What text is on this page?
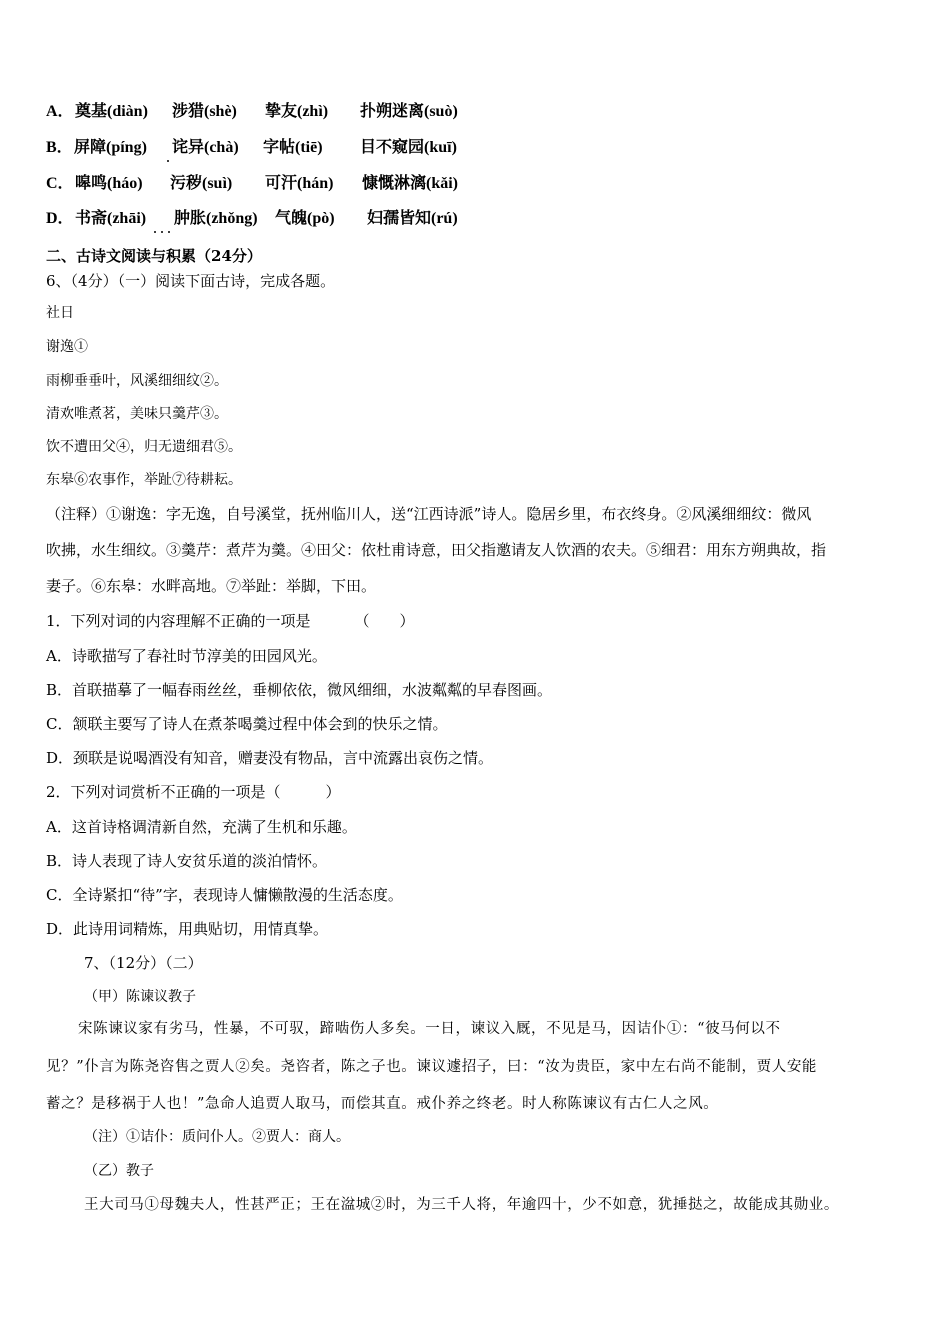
A． 奠基(diàn) 涉猎(shè) 挚友(zhì) 扑朔迷离(suò)
B． 屏障(píng) 诧异(chà) 字帖(tiē) 目不窥园(kuī)
C． 嗥鸣(háo) 污秽(suì) 可汗(hán) 慷慨淋漓(kǎi)
D． 书斋(zhāi) 肿胀(zhǒng) 气魄(pò) 妇孺皆知(rú)
二、古诗文阅读与积累（24分）
6、（4分）（一）阅读下面古诗，完成各题。
社日
谢逸①
雨柳垂垂叶，风溪细细纹②。
清欢唯煮茗，美味只羹芹③。
饮不遭田父④，归无遗细君⑤。
东皋⑥农事作，举趾⑦待耕耘。
（注释）①谢逸：字无逸，自号溪堂，抚州临川人，送“江西诗派”诗人。隐居乡里，布衣终身。②风溪细细纹：微风
吹拂，水生细纹。③羹芹：煮芹为羹。④田父：依杜甫诗意，田父指邀请友人饮酒的农夫。⑤细君：用东方朔典故，指
妻子。⑥东皋：水畔高地。⑦举趾：举脚，下田。
1．下列对词的内容理解不正确的一项是	（　　）
A．诗歌描写了春社时节淳美的田园风光。
B．首联描摹了一幅春雨丝丝，垂柳依依，微风细细，水波粼粼的早春图画。
C．颔联主要写了诗人在煮茶喝羹过程中体会到的快乐之情。
D．颈联是说喝酒没有知音，赠妻没有物品，言中流露出哀伤之情。
2．下列对词赏析不正确的一项是（　　　）
A．这首诗格调清新自然，充满了生机和乐趣。
B．诗人表现了诗人安贫乐道的淡泊情怀。
C．全诗紧扣“待”字，表现诗人慵懒散漫的生活态度。
D．此诗用词精炼，用典贴切，用情真挚。
7、（12分）（二）
（甲）陈谏议教子
宋陈谏议家有劣马，性暴，不可驭，蹄啮伤人多矣。一日，谏议入厩，不见是马，因诘仆①：“彼马何以不
见？”仆言为陈尧咨售之贾人②矣。尧咨者，陈之子也。谏议遽招子，曰：“汝为贵臣，家中左右尚不能制，贾人安能
蓄之？是移祸于人也！”急命人追贾人取马，而偿其直。戒仆养之终老。时人称陈谏议有古仁人之风。
（注）①诘仆：质问仆人。②贾人：商人。
（乙）教子
王大司马①母魏夫人，性甚严正；王在湓城②时，为三千人将，年逾四十，少不如意，犹捶挞之，故能成其勋业。
